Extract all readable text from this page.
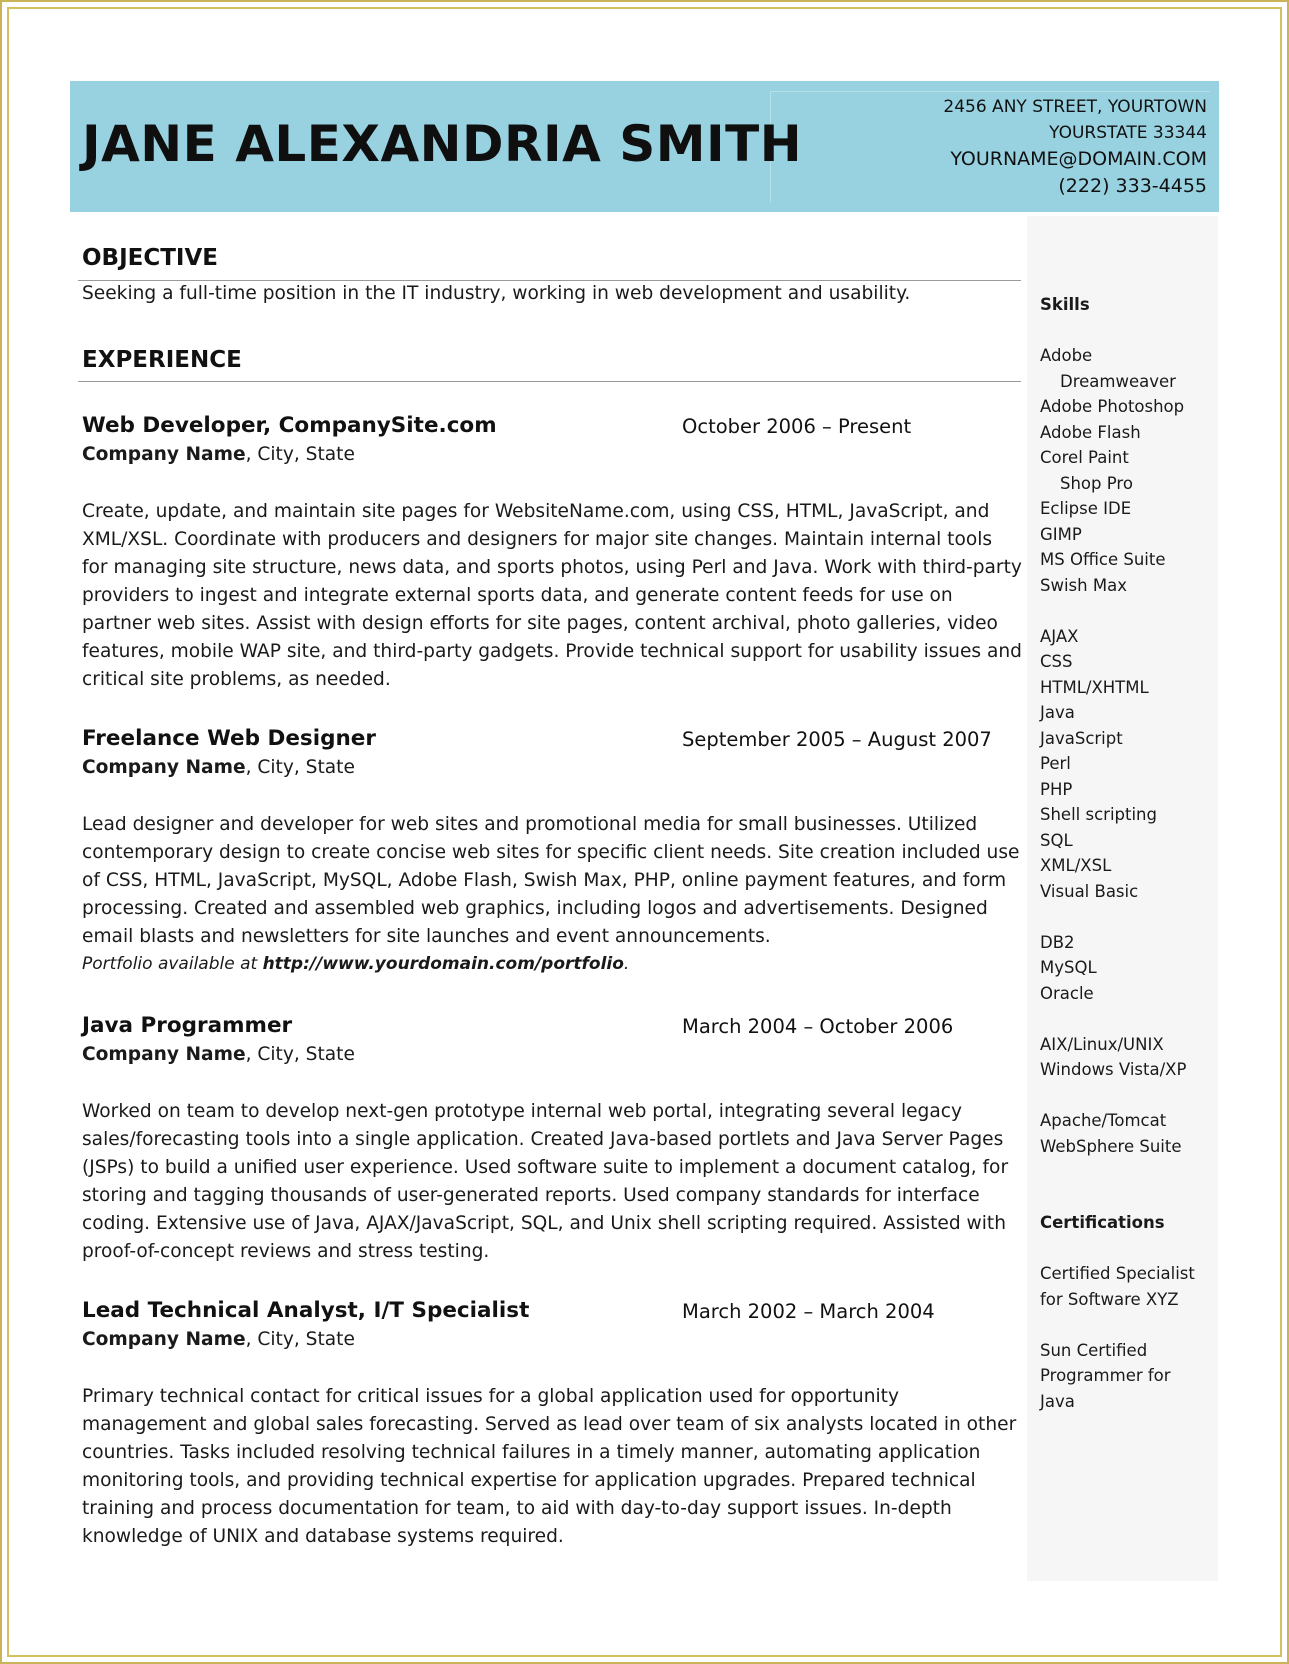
JANE ALEXANDRIA SMITH
2456 ANY STREET, YOURTOWN
YOURSTATE 33344
YOURNAME@DOMAIN.COM
(222) 333-4455
OBJECTIVE
Seeking a full-time position in the IT industry, working in web development and usability.
EXPERIENCE
Web Developer, CompanySite.com	October 2006 – Present
Company Name, City, State
Create, update, and maintain site pages for WebsiteName.com, using CSS, HTML, JavaScript, and XML/XSL. Coordinate with producers and designers for major site changes. Maintain internal tools for managing site structure, news data, and sports photos, using Perl and Java. Work with third-party providers to ingest and integrate external sports data, and generate content feeds for use on partner web sites. Assist with design efforts for site pages, content archival, photo galleries, video features, mobile WAP site, and third-party gadgets. Provide technical support for usability issues and critical site problems, as needed.
Freelance Web Designer	September 2005 – August 2007
Company Name, City, State
Lead designer and developer for web sites and promotional media for small businesses. Utilized contemporary design to create concise web sites for specific client needs. Site creation included use of CSS, HTML, JavaScript, MySQL, Adobe Flash, Swish Max, PHP, online payment features, and form processing. Created and assembled web graphics, including logos and advertisements. Designed email blasts and newsletters for site launches and event announcements.
Portfolio available at http://www.yourdomain.com/portfolio.
Java Programmer	March 2004 – October 2006
Company Name, City, State
Worked on team to develop next-gen prototype internal web portal, integrating several legacy sales/forecasting tools into a single application. Created Java-based portlets and Java Server Pages (JSPs) to build a unified user experience. Used software suite to implement a document catalog, for storing and tagging thousands of user-generated reports. Used company standards for interface coding. Extensive use of Java, AJAX/JavaScript, SQL, and Unix shell scripting required. Assisted with proof-of-concept reviews and stress testing.
Lead Technical Analyst, I/T Specialist	March 2002 – March 2004
Company Name, City, State
Primary technical contact for critical issues for a global application used for opportunity management and global sales forecasting. Served as lead over team of six analysts located in other countries. Tasks included resolving technical failures in a timely manner, automating application monitoring tools, and providing technical expertise for application upgrades. Prepared technical training and process documentation for team, to aid with day-to-day support issues. In-depth knowledge of UNIX and database systems required.
Skills
Adobe
Dreamweaver
Adobe Photoshop
Adobe Flash
Corel Paint
Shop Pro
Eclipse IDE
GIMP
MS Office Suite
Swish Max
AJAX
CSS
HTML/XHTML
Java
JavaScript
Perl
PHP
Shell scripting
SQL
XML/XSL
Visual Basic
DB2
MySQL
Oracle
AIX/Linux/UNIX
Windows Vista/XP
Apache/Tomcat
WebSphere Suite
Certifications
Certified Specialist
for Software XYZ
Sun Certified
Programmer for
Java
